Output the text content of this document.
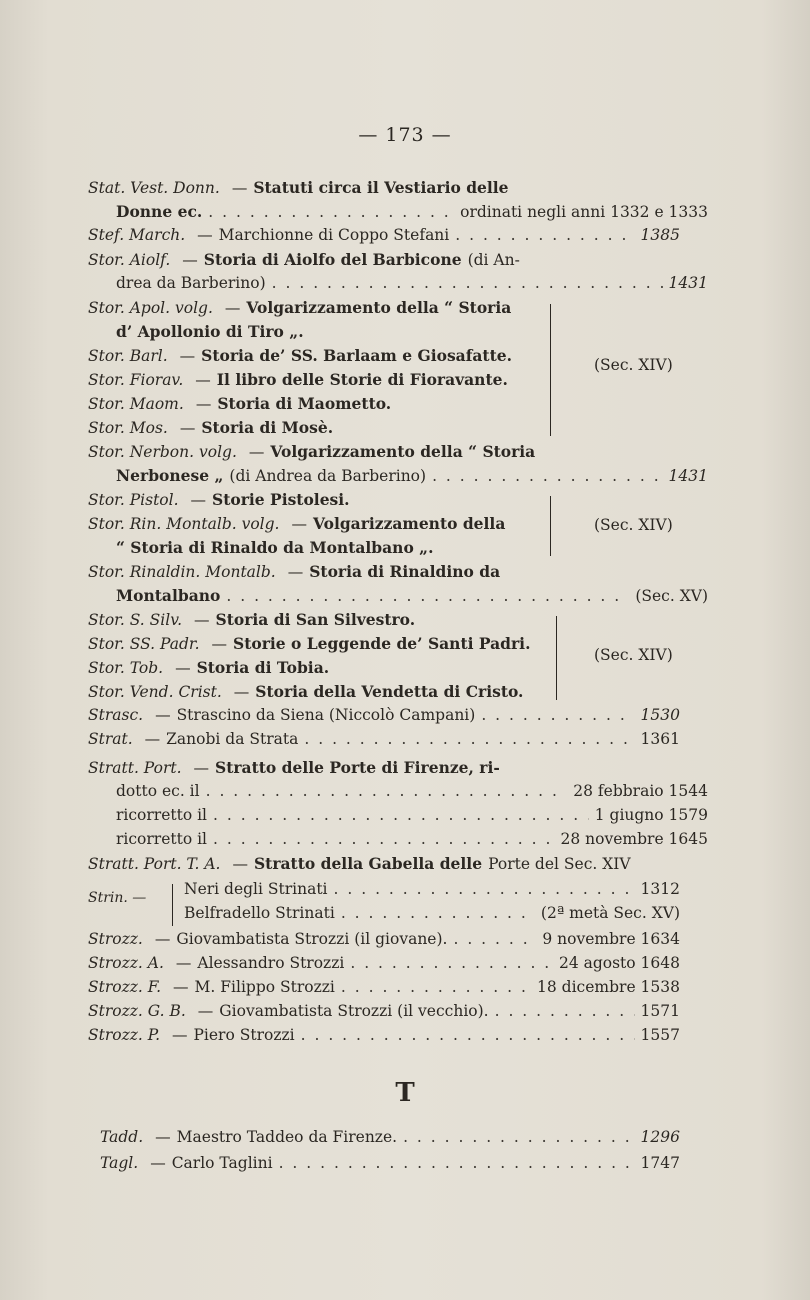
— 173 —
Stat. Vest. Donn. — Statuti circa il Vestiario delle
Donne ec. . . .	ordinati negli anni 1332 e 1333
Stef. March. — Marchionne di Coppo Stefani . . .	1385
Stor. Aiolf. — Storia di Aiolfo del Barbicone (di An-
drea da Barberino) . . .	1431
Stor. Apol. volg. — Volgarizzamento della “ Storia
d’ Apollonio di Tiro „.
Stor. Barl. — Storia de’ SS. Barlaam e Giosafatte.
Stor. Fiorav. — Il libro delle Storie di Fioravante.
Stor. Maom. — Storia di Maometto.
Stor. Mos. — Storia di Mosè.
(Sec. XIV)
Stor. Nerbon. volg. — Volgarizzamento della “ Storia
Nerbonese „ (di Andrea da Barberino) . . .	1431
Stor. Pistol. — Storie Pistolesi.
Stor. Rin. Montalb. volg. — Volgarizzamento della
“ Storia di Rinaldo da Montalbano „.
(Sec. XIV)
Stor. Rinaldin. Montalb. — Storia di Rinaldino da
Montalbano . . .	(Sec. XV)
Stor. S. Silv. — Storia di San Silvestro.
Stor. SS. Padr. — Storie o Leggende de’ Santi Padri.
Stor. Tob. — Storia di Tobia.
Stor. Vend. Crist. — Storia della Vendetta di Cristo.
(Sec. XIV)
Strasc. — Strascino da Siena (Niccolò Campani) . . .	1530
Strat. — Zanobi da Strata . . .	1361
Stratt. Port. — Stratto delle Porte di Firenze, ri-
dotto ec. il . . .	28 febbraio 1544
ricorretto il . . .	1 giugno 1579
ricorretto il . . .	28 novembre 1645
Stratt. Port. T. A. — Stratto della Gabella delle Porte del Sec. XIV
Strin. — Neri degli Strinati . . .	1312
Belfradello Strinati . . .	(2ª metà Sec. XV)
Strozz. — Giovambatista Strozzi (il giovane). . . .	9 novembre 1634
Strozz. A. — Alessandro Strozzi . . .	24 agosto 1648
Strozz. F. — M. Filippo Strozzi . . .	18 dicembre 1538
Strozz. G. B. — Giovambatista Strozzi (il vecchio). . . .	1571
Strozz. P. — Piero Strozzi . . .	1557
T
Tadd. — Maestro Taddeo da Firenze. . . .	1296
Tagl. — Carlo Taglini . . .	1747
